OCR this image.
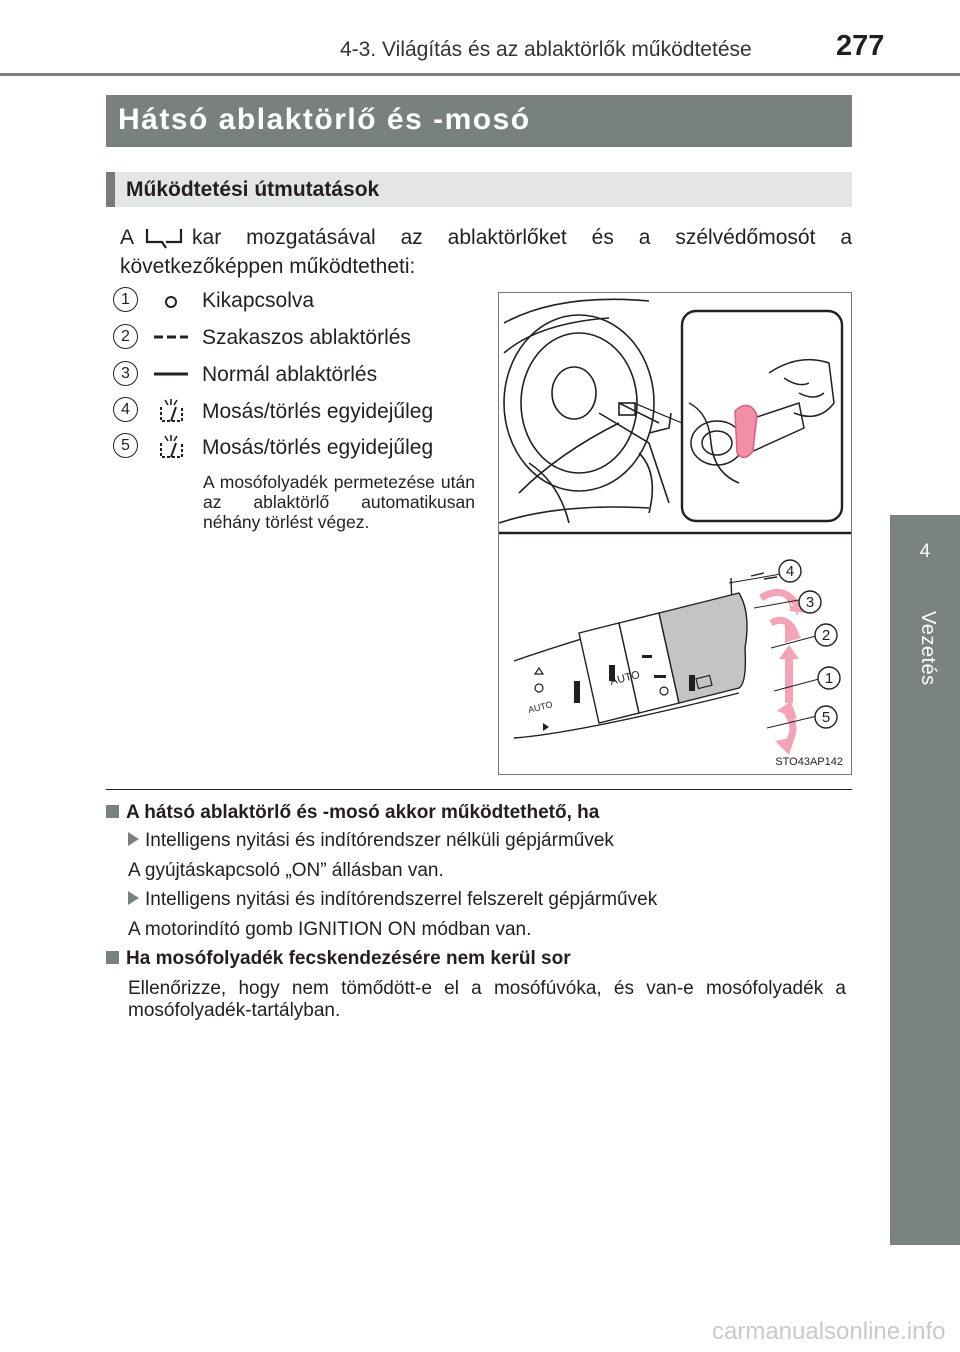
4-3. Világítás és az ablaktörlők működtetése	277
4
Vezetés
Hátsó ablaktörlő és -mosó
Működtetési útmutatások
A	kar mozgatásával az ablaktörlőket és a szélvédőmosót a következőképpen működtetheti:
1	Kikapcsolva
2	Szakaszos ablaktörlés
3	Normál ablaktörlés
4	Mosás/törlés egyidejűleg
5	Mosás/törlés egyidejűleg
A mosófolyadék permetezése után az ablaktörlő automatikusan néhány törlést végez.
AUTO
AUTO
4
3
2
1
5
STO43AP142
A hátsó ablaktörlő és -mosó akkor működtethető, ha
Intelligens nyitási és indítórendszer nélküli gépjárművek
A gyújtáskapcsoló „ON” állásban van.
Intelligens nyitási és indítórendszerrel felszerelt gépjárművek
A motorindító gomb IGNITION ON módban van.
Ha mosófolyadék fecskendezésére nem kerül sor
Ellenőrizze, hogy nem tömődött-e el a mosófúvóka, és van-e mosófolyadék a mosófolyadék-tartályban.
carmanualsonline.info
